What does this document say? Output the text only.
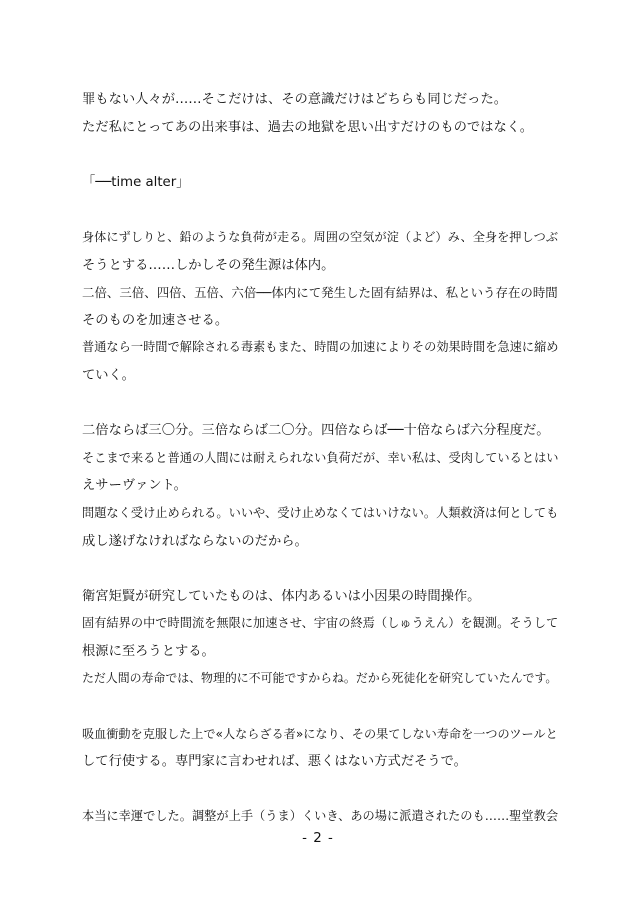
罪もない人々が……そこだけは、その意識だけはどちらも同じだった。
ただ私にとってあの出来事は、過去の地獄を思い出すだけのものではなく。
「──time alter」
身体にずしりと、鉛のような負荷が走る。周囲の空気が淀（よど）み、全身を押しつぶ
そうとする……しかしその発生源は体内。
二倍、三倍、四倍、五倍、六倍──体内にて発生した固有結界は、私という存在の時間
そのものを加速させる。
普通なら一時間で解除される毒素もまた、時間の加速によりその効果時間を急速に縮め
ていく。
二倍ならば三〇分。三倍ならば二〇分。四倍ならば──十倍ならば六分程度だ。
そこまで来ると普通の人間には耐えられない負荷だが、幸い私は、受肉しているとはい
えサーヴァント。
問題なく受け止められる。いいや、受け止めなくてはいけない。人類救済は何としても
成し遂げなければならないのだから。
衛宮矩賢が研究していたものは、体内あるいは小因果の時間操作。
固有結界の中で時間流を無限に加速させ、宇宙の終焉（しゅうえん）を観測。そうして
根源に至ろうとする。
ただ人間の寿命では、物理的に不可能ですからね。だから死徒化を研究していたんです。
吸血衝動を克服した上で«人ならざる者»になり、その果てしない寿命を一つのツールと
して行使する。専門家に言わせれば、悪くはない方式だそうで。
本当に幸運でした。調整が上手（うま）くいき、あの場に派遣されたのも……聖堂教会
- 2 -
